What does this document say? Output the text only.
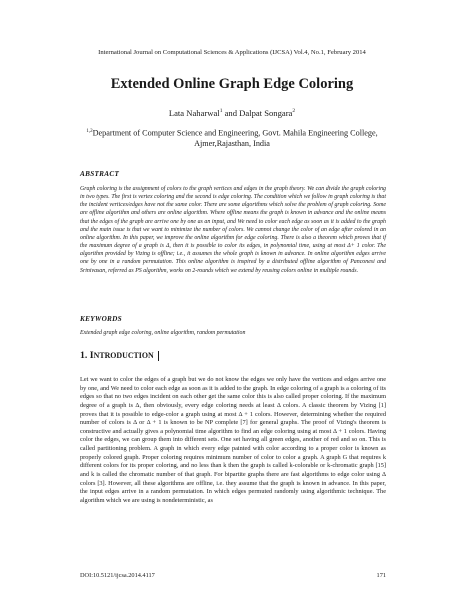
International Journal on Computational Sciences & Applications (IJCSA) Vol.4, No.1, February 2014
Extended Online Graph Edge Coloring
Lata Naharwal$^1$ and Dalpat Songara$^2$
$^{1,2}$Department of Computer Science and Engineering, Govt. Mahila Engineering College,
Ajmer,Rajasthan, India
ABSTRACT
Graph coloring is the assignment of colors to the graph vertices and edges in the graph theory. We can divide the graph coloring in two types. The first is vertex coloring and the second is edge coloring. The condition which we follow in graph coloring is that the incident vertices/edges have not the same color. There are some algorithms which solve the problem of graph coloring. Some are offline algorithm and others are online algorithm. Where offline means the graph is known in advance and the online means that the edges of the graph are arrive one by one as an input, and We need to color each edge as soon as it is added to the graph and the main issue is that we want to minimize the number of colors. We cannot change the color of an edge after colored in an online algorithm. In this paper, we improve the online algorithm for edge coloring. There is also a theorem which proves that if the maximum degree of a graph is Δ, then it is possible to color its edges, in polynomial time, using at most Δ+ 1 color. The algorithm provided by Vizing is offline; i.e., it assumes the whole graph is known in advance. In online algorithm edges arrive one by one in a random permutation. This online algorithm is inspired by a distributed offline algorithm of Panconesi and Srinivasan, referred as PS algorithm, works on 2-rounds which we extend by reusing colors online in multiple rounds.
KEYWORDS
Extended graph edge coloring, online algorithm, random permutation
1. INTRODUCTION
Let we want to color the edges of a graph but we do not know the edges we only have the vertices and edges arrive one by one, and We need to color each edge as soon as it is added to the graph. In edge coloring of a graph is a coloring of its edges so that no two edges incident on each other get the same color this is also called proper coloring. If the maximum degree of a graph is Δ, then obviously, every edge coloring needs at least Δ colors. A classic theorem by Vizing [1] proves that it is possible to edge-color a graph using at most Δ + 1 colors. However, determining whether the required number of colors is Δ or Δ + 1 is known to be NP complete [7] for general graphs. The proof of Vizing's theorem is constructive and actually gives a polynomial time algorithm to find an edge coloring using at most Δ + 1 colors. Having color the edges, we can group them into different sets. One set having all green edges, another of red and so on. This is called partitioning problem. A graph in which every edge painted with color according to a proper color is known as properly colored graph. Proper coloring requires minimum number of color to color a graph. A graph G that requires k different colors for its proper coloring, and no less than k then the graph is called k-colorable or k-chromatic graph [15] and k is called the chromatic number of that graph. For bipartite graphs there are fast algorithms to edge color using Δ colors [3]. However, all these algorithms are offline, i.e. they assume that the graph is known in advance. In this paper, the input edges arrive in a random permutation. In which edges permuted randomly using algorithmic technique. The algorithm which we are using is nondeterministic, as
DOI:10.5121/ijcsa.2014.4117	171
